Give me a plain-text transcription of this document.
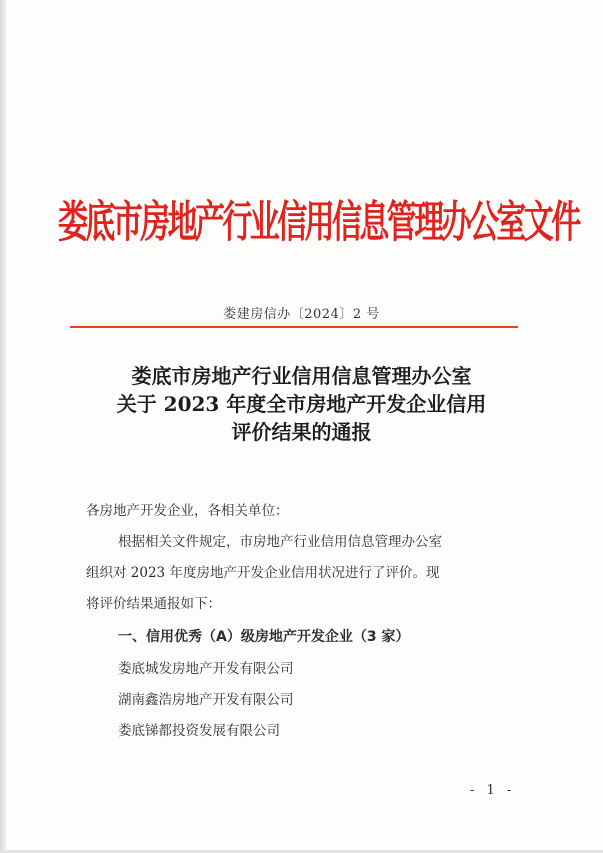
娄底市房地产行业信用信息管理办公室文件
娄建房信办〔2024〕2 号
娄底市房地产行业信用信息管理办公室
关于 2023 年度全市房地产开发企业信用
评价结果的通报
各房地产开发企业，各相关单位：
根据相关文件规定，市房地产行业信用信息管理办公室
组织对 2023 年度房地产开发企业信用状况进行了评价。现
将评价结果通报如下：
一、信用优秀（A）级房地产开发企业（3 家）
娄底城发房地产开发有限公司
湖南鑫浩房地产开发有限公司
娄底锑都投资发展有限公司
- 1 -
